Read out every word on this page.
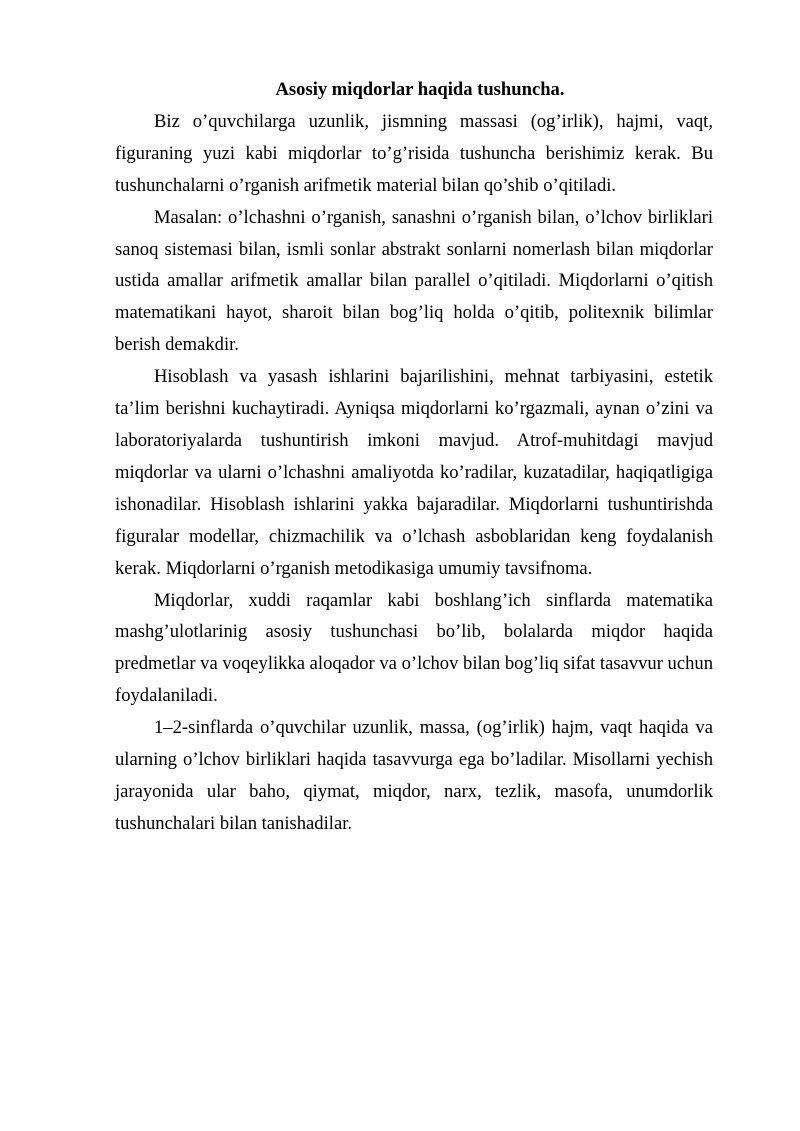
Asosiy miqdorlar haqida tushuncha.

Biz o’quvchilarga uzunlik, jismning massasi (og’irlik), hajmi, vaqt, figuraning yuzi kabi miqdorlar to’g’risida tushuncha berishimiz kerak. Bu tushunchalarni o’rganish arifmetik material bilan qo’shib o’qitiladi.

Masalan: o’lchashni o’rganish, sanashni o’rganish bilan, o’lchov birliklari sanoq sistemasi bilan, ismli sonlar abstrakt sonlarni nomerlash bilan miqdorlar ustida amallar arifmetik amallar bilan parallel o’qitiladi. Miqdorlarni o’qitish matematikani hayot, sharoit bilan bog’liq holda o’qitib, politexnik bilimlar berish demakdir.

Hisoblash va yasash ishlarini bajarilishini, mehnat tarbiyasini, estetik ta’lim berishni kuchaytiradi. Ayniqsa miqdorlarni ko’rgazmali, aynan o’zini va laboratoriyalarda tushuntirish imkoni mavjud. Atrof-muhitdagi mavjud miqdorlar va ularni o’lchashni amaliyotda ko’radilar, kuzatadilar, haqiqatligiga ishonadilar. Hisoblash ishlarini yakka bajaradilar. Miqdorlarni tushuntirishda figuralar modellar, chizmachilik va o’lchash asboblaridan keng foydalanish kerak. Miqdorlarni o’rganish metodikasiga umumiy tavsifnoma.

Miqdorlar, xuddi raqamlar kabi boshlang’ich sinflarda matematika mashg’ulotlarinig asosiy tushunchasi bo’lib, bolalarda miqdor haqida predmetlar va voqeylikka aloqador va o’lchov bilan bog’liq sifat tasavvur uchun foydalaniladi.

1–2-sinflarda o’quvchilar uzunlik, massa, (og’irlik) hajm, vaqt haqida va ularning o’lchov birliklari haqida tasavvurga ega bo’ladilar. Misollarni yechish jarayonida ular baho, qiymat, miqdor, narx, tezlik, masofa, unumdorlik tushunchalari bilan tanishadilar.
